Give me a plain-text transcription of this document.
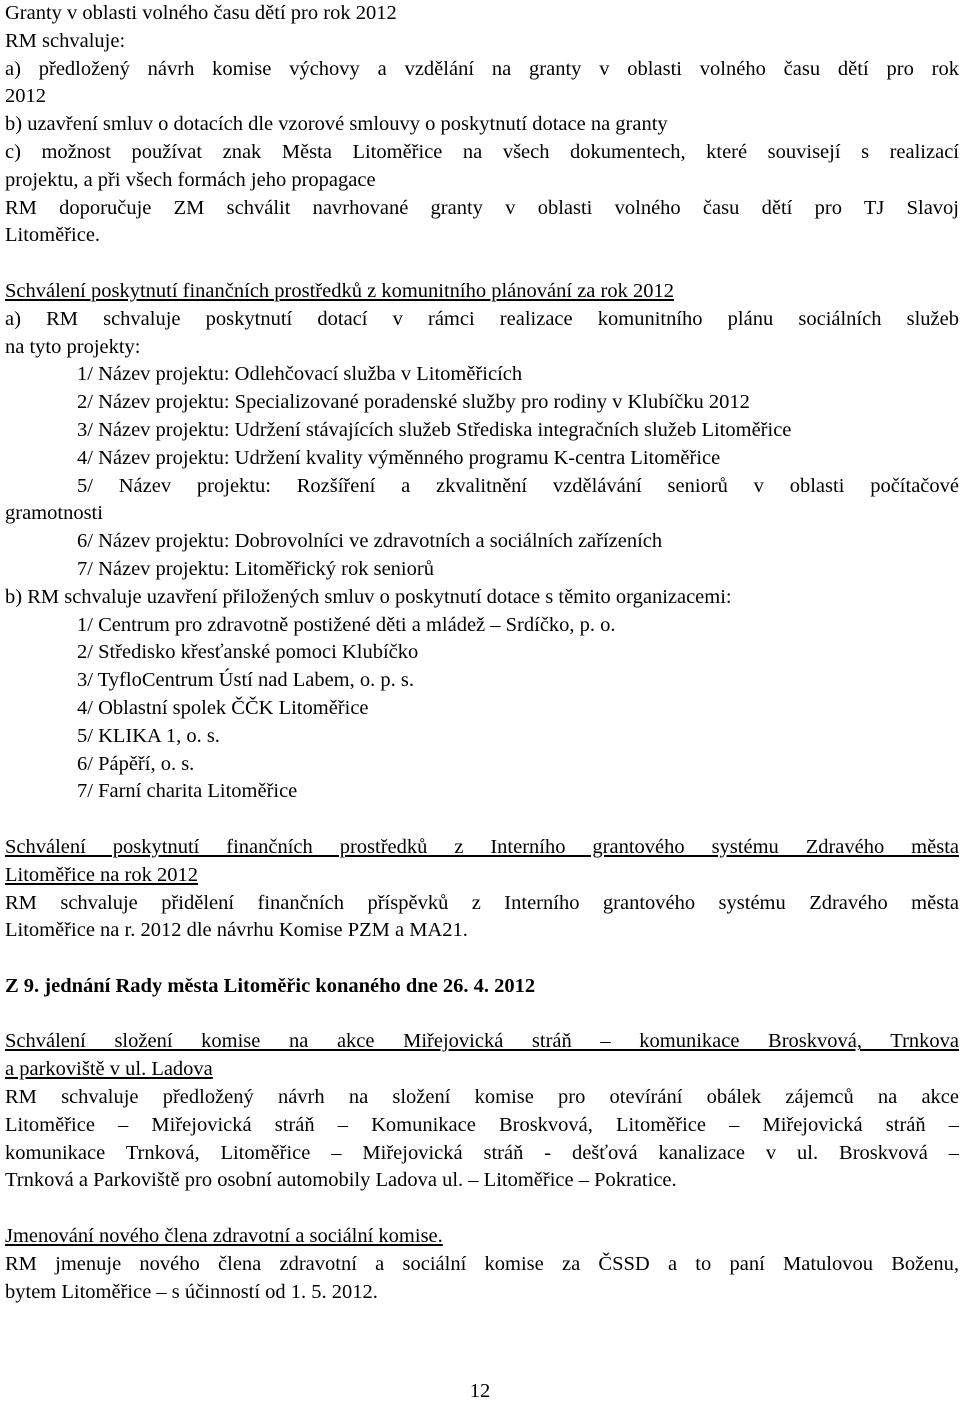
Granty v oblasti volného času dětí pro rok 2012

RM schvaluje:

a) předložený návrh komise výchovy a vzdělání na granty v oblasti volného času dětí pro rok

2012

b) uzavření smluv o dotacích dle vzorové smlouvy o poskytnutí dotace na granty

c) možnost používat znak Města Litoměřice na všech dokumentech, které souvisejí s realizací

projektu, a při všech formách jeho propagace

RM doporučuje ZM schválit navrhované granty v oblasti volného času dětí pro TJ Slavoj

Litoměřice.

Schválení poskytnutí finančních prostředků z komunitního plánování za rok 2012

a) RM schvaluje poskytnutí dotací v rámci realizace komunitního plánu sociálních služeb

na tyto projekty:

1/ Název projektu: Odlehčovací služba v Litoměřicích

2/ Název projektu: Specializované poradenské služby pro rodiny v Klubíčku 2012

3/ Název projektu: Udržení stávajících služeb Střediska integračních služeb Litoměřice

4/ Název projektu: Udržení kvality výměnného programu K-centra Litoměřice

5/ Název projektu: Rozšíření a zkvalitnění vzdělávání seniorů v oblasti počítačové

gramotnosti

6/ Název projektu: Dobrovolníci ve zdravotních a sociálních zařízeních

7/ Název projektu: Litoměřický rok seniorů

b) RM schvaluje uzavření přiložených smluv o poskytnutí dotace s těmito organizacemi:

1/ Centrum pro zdravotně postižené děti a mládež – Srdíčko, p. o.

2/ Středisko křesťanské pomoci Klubíčko

3/ TyfloCentrum Ústí nad Labem, o. p. s.

4/ Oblastní spolek ČČK Litoměřice

5/ KLIKA 1, o. s.

6/ Pápěří, o. s.

7/ Farní charita Litoměřice

Schválení poskytnutí finančních prostředků z Interního grantového systému Zdravého města

Litoměřice na rok 2012

RM schvaluje přidělení finančních příspěvků z Interního grantového systému Zdravého města

Litoměřice na r. 2012 dle návrhu Komise PZM a MA21.

Z 9. jednání Rady města Litoměřic konaného dne 26. 4. 2012

Schválení složení komise na akce Miřejovická stráň – komunikace Broskvová, Trnkova

a parkoviště v ul. Ladova

RM schvaluje předložený návrh na složení komise pro otevírání obálek zájemců na akce

Litoměřice – Miřejovická stráň – Komunikace Broskvová, Litoměřice – Miřejovická stráň –

komunikace Trnková, Litoměřice – Miřejovická stráň - dešťová kanalizace v ul. Broskvová –

Trnková a Parkoviště pro osobní automobily Ladova ul. – Litoměřice – Pokratice.

Jmenování nového člena zdravotní a sociální komise.

RM jmenuje nového člena zdravotní a sociální komise za ČSSD a to paní Matulovou Boženu,

bytem Litoměřice – s účinností od 1. 5. 2012.

12
